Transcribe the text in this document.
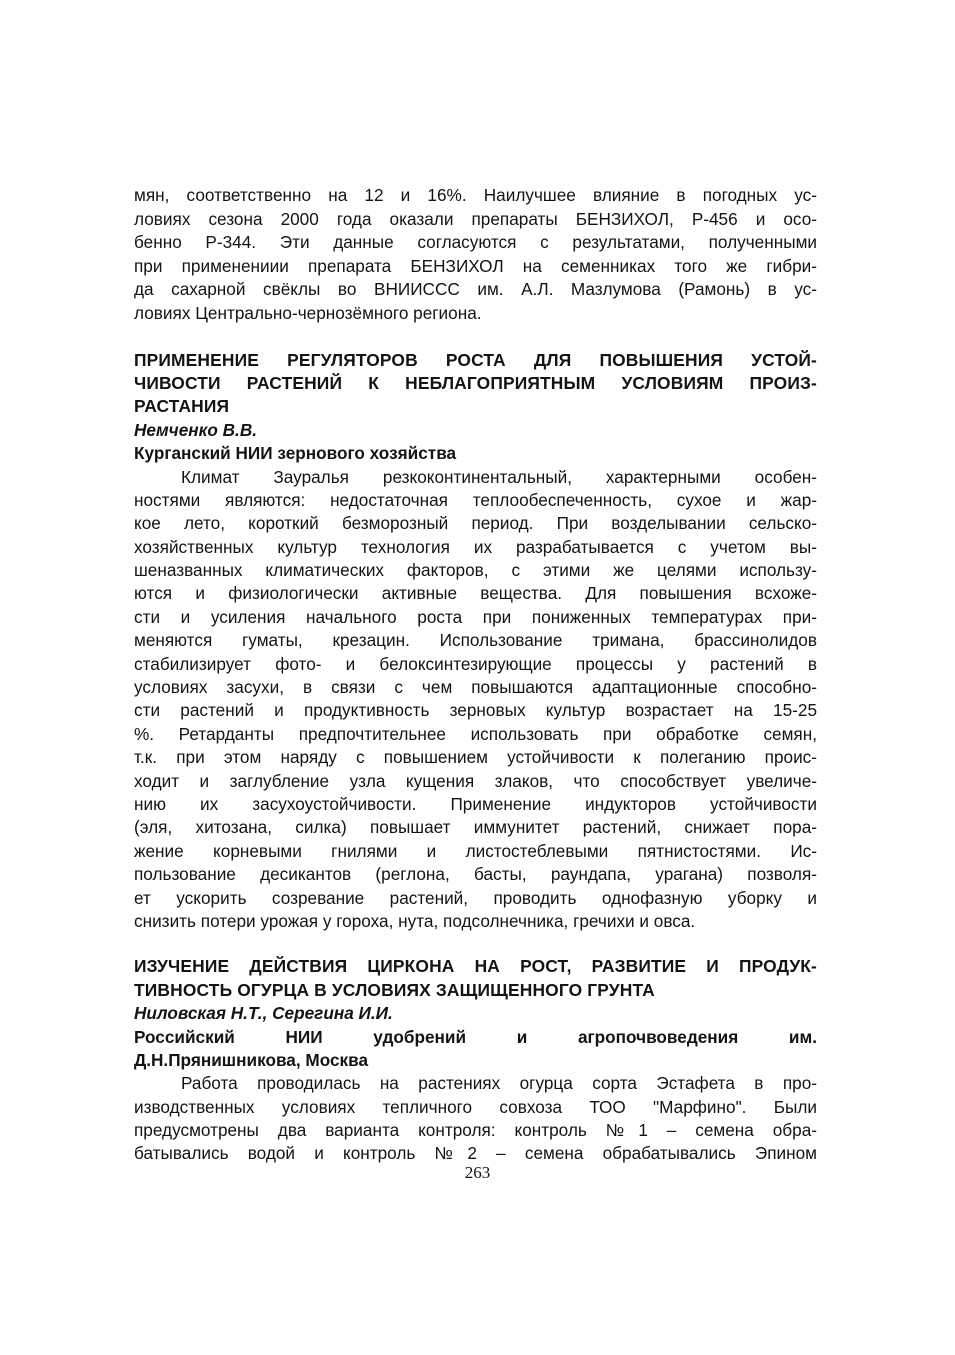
мян, соответственно на 12 и 16%. Наилучшее влияние в погодных ус-
ловиях сезона 2000 года оказали препараты БЕНЗИХОЛ, Р-456 и осо-
бенно Р-344. Эти данные согласуются с результатами, полученными
при применениии препарата БЕНЗИХОЛ на семенниках того же гибри-
да сахарной свёклы во ВНИИССС им. А.Л. Мазлумова (Рамонь) в ус-
ловиях Центрально-чернозёмного региона.
ПРИМЕНЕНИЕ РЕГУЛЯТОРОВ РОСТА ДЛЯ ПОВЫШЕНИЯ УСТОЙ-
ЧИВОСТИ РАСТЕНИЙ К НЕБЛАГОПРИЯТНЫМ УСЛОВИЯМ ПРОИЗ-
РАСТАНИЯ
Немченко В.В.
Курганский НИИ зернового хозяйства
Климат Зауралья резкоконтинентальный, характерными особен-
ностями являются: недостаточная теплообеспеченность, сухое и жар-
кое лето, короткий безморозный период. При возделывании сельско-
хозяйственных культур технология их разрабатывается с учетом вы-
шеназванных климатических факторов, с этими же целями использу-
ются и физиологически активные вещества. Для повышения всхоже-
сти и усиления начального роста при пониженных температурах при-
меняются гуматы, крезацин. Использование тримана, брассинолидов
стабилизирует фото- и белоксинтезирующие процессы у растений в
условиях засухи, в связи с чем повышаются адаптационные способно-
сти растений и продуктивность зерновых культур возрастает на 15-25
%. Ретарданты предпочтительнее использовать при обработке семян,
т.к. при этом наряду с повышением устойчивости к полеганию проис-
ходит и заглубление узла кущения злаков, что способствует увеличе-
нию их засухоустойчивости. Применение индукторов устойчивости
(эля, хитозана, силка) повышает иммунитет растений, снижает пора-
жение корневыми гнилями и листостеблевыми пятнистостями. Ис-
пользование десикантов (реглона, басты, раундапа, урагана) позволя-
ет ускорить созревание растений, проводить однофазную уборку и
снизить потери урожая у гороха, нута, подсолнечника, гречихи и овса.
ИЗУЧЕНИЕ ДЕЙСТВИЯ ЦИРКОНА НА РОСТ, РАЗВИТИЕ И ПРОДУК-
ТИВНОСТЬ ОГУРЦА В УСЛОВИЯХ ЗАЩИЩЕННОГО ГРУНТА
Ниловская Н.Т., Серегина И.И.
Российский НИИ удобрений и агропочвоведения им.
Д.Н.Прянишникова, Москва
Работа проводилась на растениях огурца сорта Эстафета в про-
изводственных условиях тепличного совхоза ТОО "Марфино". Были
предусмотрены два варианта контроля: контроль №1 – семена обра-
батывались водой и контроль №2 – семена обрабатывались Эпином
263
